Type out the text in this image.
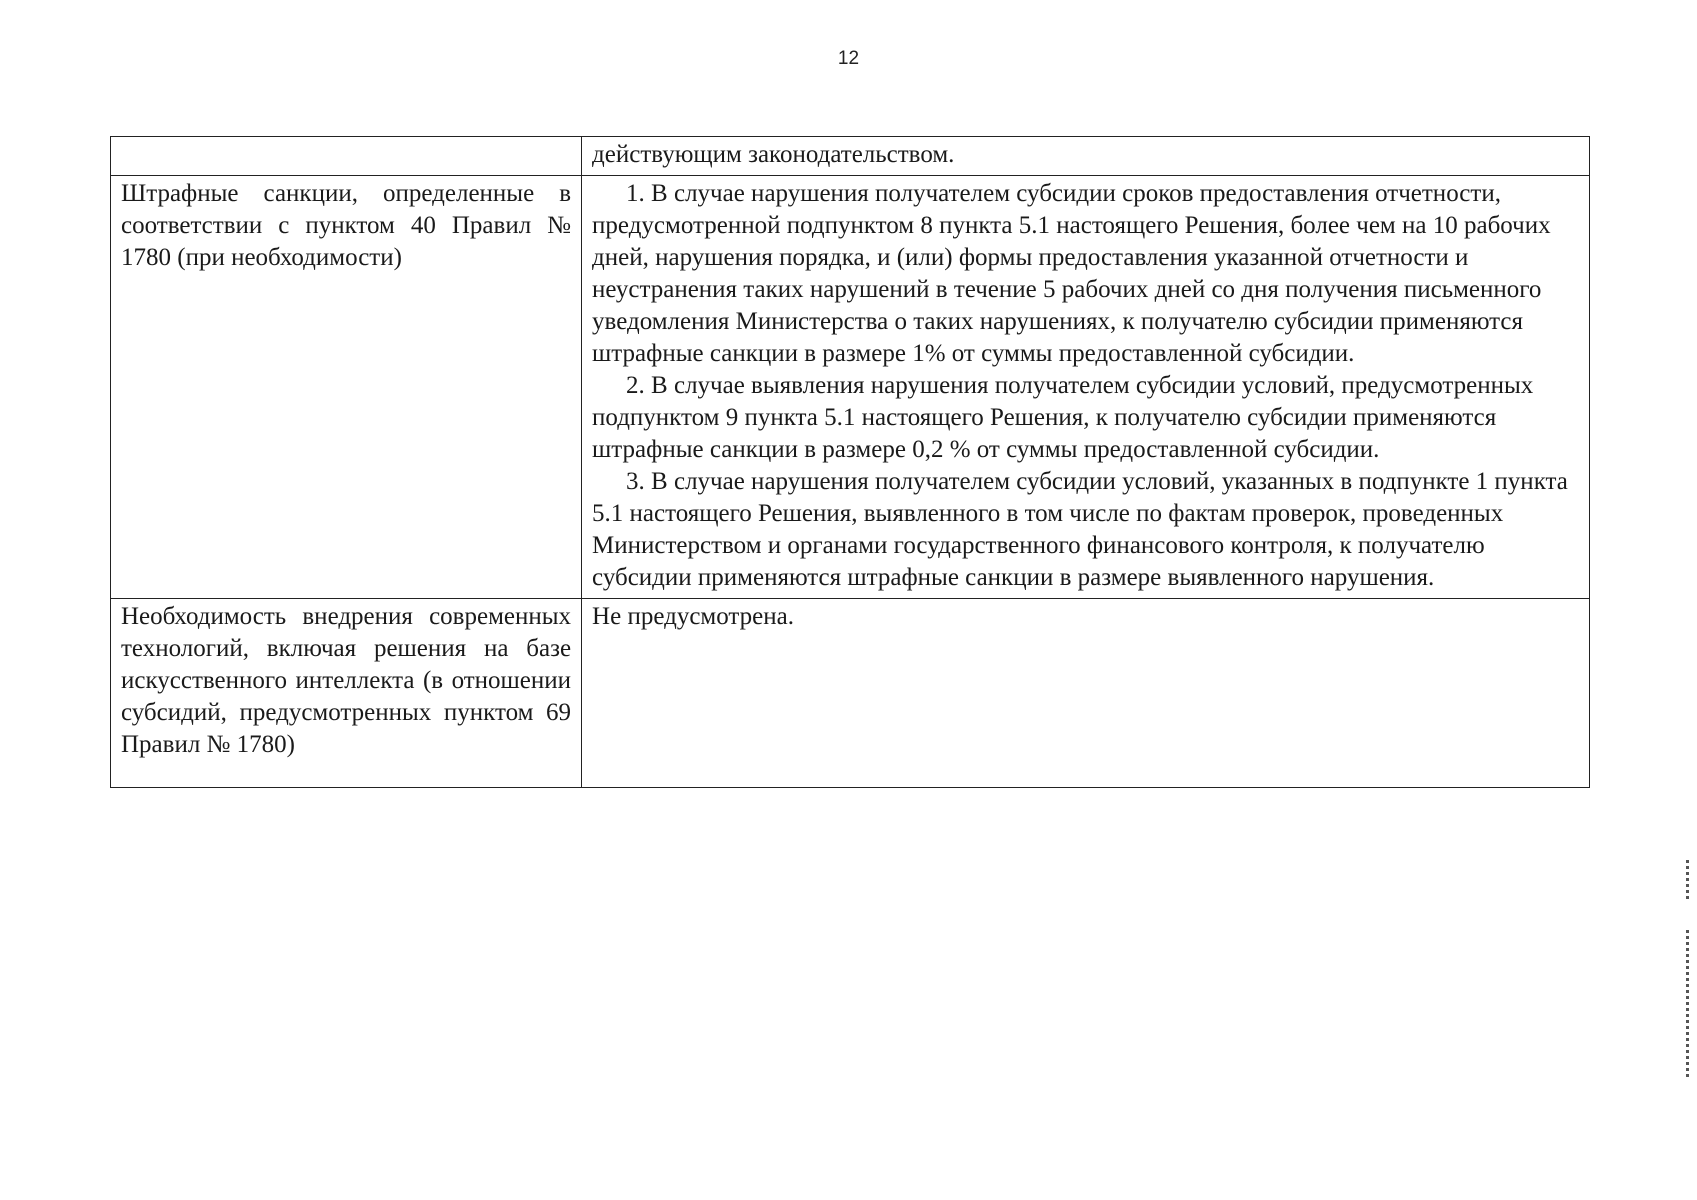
12

	действующим законодательством.

Штрафные санкции, определенные в соответствии с пунктом 40 Правил № 1780 (при необходимости)	1. В случае нарушения получателем субсидии сроков предоставления отчетности, предусмотренной подпунктом 8 пункта 5.1 настоящего Решения, более чем на 10 рабочих дней, нарушения порядка, и (или) формы предоставления указанной отчетности и неустранения таких нарушений в течение 5 рабочих дней со дня получения письменного уведомления Министерства о таких нарушениях, к получателю субсидии применяются штрафные санкции в размере 1% от суммы предоставленной субсидии.

2. В случае выявления нарушения получателем субсидии условий, предусмотренных подпунктом 9 пункта 5.1 настоящего Решения, к получателю субсидии применяются штрафные санкции в размере 0,2 % от суммы предоставленной субсидии.

3. В случае нарушения получателем субсидии условий, указанных в подпункте 1 пункта 5.1 настоящего Решения, выявленного в том числе по фактам проверок, проведенных Министерством и органами государственного финансового контроля, к получателю субсидии применяются штрафные санкции в размере выявленного нарушения.

Необходимость внедрения современных технологий, включая решения на базе искусственного интеллекта (в отношении субсидий, предусмотренных пунктом 69 Правил № 1780)	Не предусмотрена.
